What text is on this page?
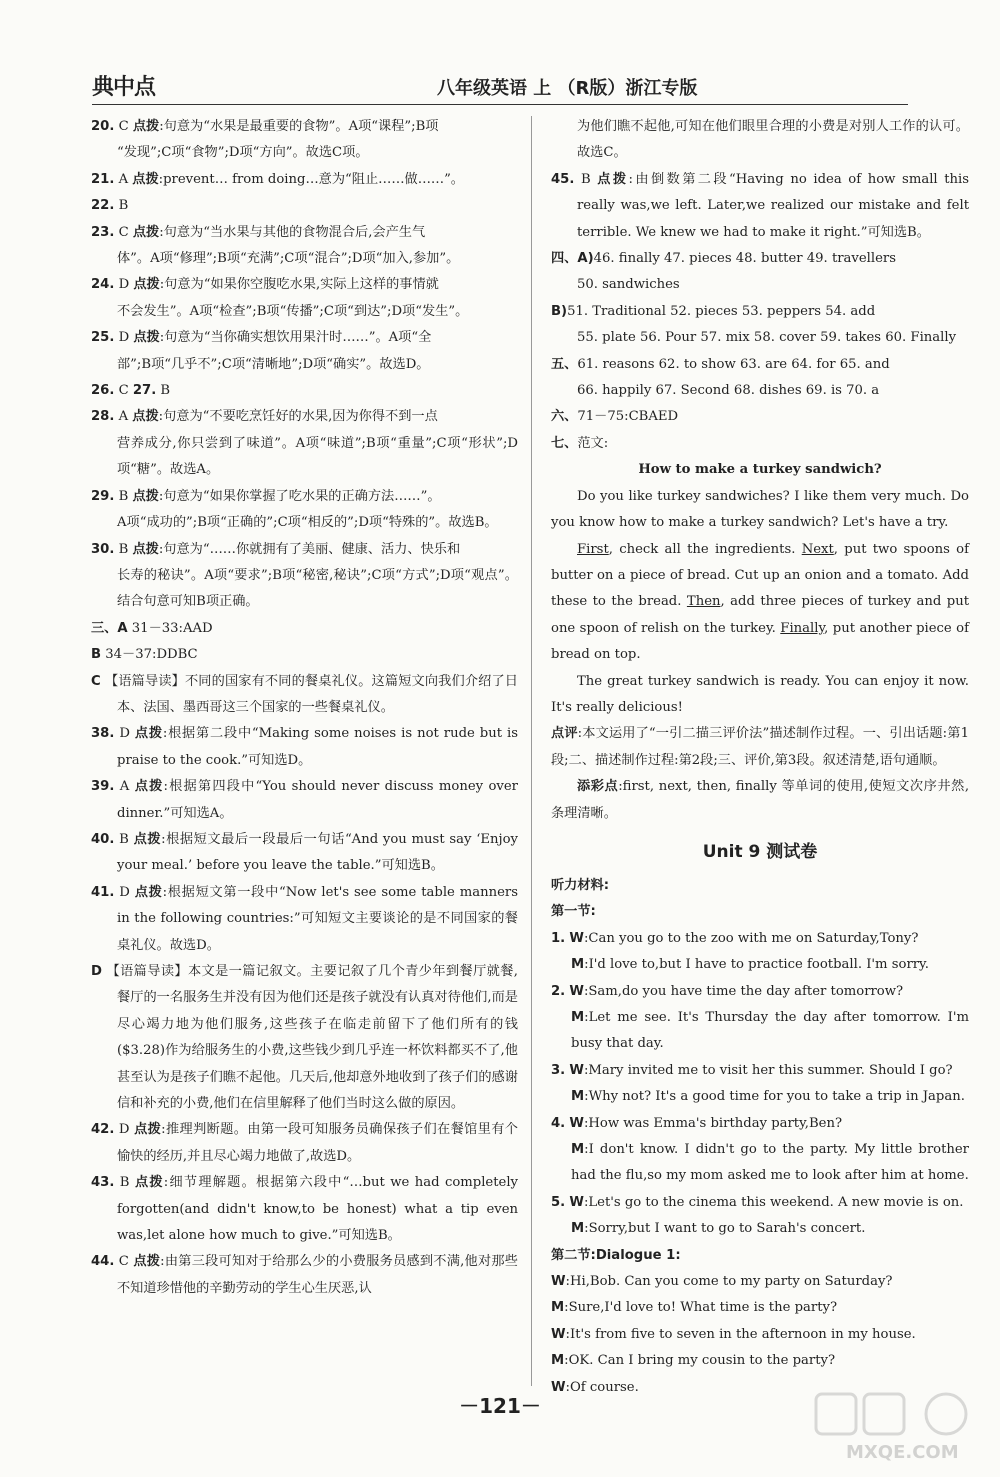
典中点	八年级英语 上 （R版）浙江专版

20. C 点拨:句意为“水果是最重要的食物”。A项“课程”;B项
“发现”;C项“食物”;D项“方向”。故选C项。

21. A 点拨:prevent… from doing…意为“阻止……做……”。

22. B

23. C 点拨:句意为“当水果与其他的食物混合后,会产生气
体”。A项“修理”;B项“充满”;C项“混合”;D项“加入,参加”。

24. D 点拨:句意为“如果你空腹吃水果,实际上这样的事情就
不会发生”。A项“检查”;B项“传播”;C项“到达”;D项“发生”。

25. D 点拨:句意为“当你确实想饮用果汁时……”。A项“全
部”;B项“几乎不”;C项“清晰地”;D项“确实”。故选D。

26. C 27. B

28. A 点拨:句意为“不要吃烹饪好的水果,因为你得不到一点
营养成分,你只尝到了味道”。A项“味道”;B项“重量”;C项“形状”;D项“糖”。故选A。

29. B 点拨:句意为“如果你掌握了吃水果的正确方法……”。
A项“成功的”;B项“正确的”;C项“相反的”;D项“特殊的”。故选B。

30. B 点拨:句意为“……你就拥有了美丽、健康、活力、快乐和
长寿的秘诀”。A项“要求”;B项“秘密,秘诀”;C项“方式”;D项“观点”。结合句意可知B项正确。

三、A 31－33:AAD

B 34－37:DDBC

C 【语篇导读】不同的国家有不同的餐桌礼仪。这篇短文向我们介绍了日本、法国、墨西哥这三个国家的一些餐桌礼仪。

38. D 点拨:根据第二段中“Making some noises is not rude but is praise to the cook.”可知选D。

39. A 点拨:根据第四段中“You should never discuss money over dinner.”可知选A。

40. B 点拨:根据短文最后一段最后一句话“And you must say ‘Enjoy your meal.’ before you leave the table.”可知选B。

41. D 点拨:根据短文第一段中“Now let's see some table manners in the following countries:”可知短文主要谈论的是不同国家的餐桌礼仪。故选D。

D 【语篇导读】本文是一篇记叙文。主要记叙了几个青少年到餐厅就餐,餐厅的一名服务生并没有因为他们还是孩子就没有认真对待他们,而是尽心竭力地为他们服务,这些孩子在临走前留下了他们所有的钱($3.28)作为给服务生的小费,这些钱少到几乎连一杯饮料都买不了,他甚至认为是孩子们瞧不起他。几天后,他却意外地收到了孩子们的感谢信和补充的小费,他们在信里解释了他们当时这么做的原因。

42. D 点拨:推理判断题。由第一段可知服务员确保孩子们在餐馆里有个愉快的经历,并且尽心竭力地做了,故选D。

43. B 点拨:细节理解题。根据第六段中“…but we had completely forgotten(and didn't know,to be honest) what a tip even was,let alone how much to give.”可知选B。

44. C 点拨:由第三段可知对于给那么少的小费服务员感到不满,他对那些不知道珍惜他的辛勤劳动的学生心生厌恶,认

为他们瞧不起他,可知在他们眼里合理的小费是对别人工作的认可。故选C。

45. B 点拨:由倒数第二段“Having no idea of how small this really was,we left. Later,we realized our mistake and felt terrible. We knew we had to make it right.”可知选B。

四、A)46. finally 47. pieces 48. butter 49. travellers

50. sandwiches

B)51. Traditional 52. pieces 53. peppers 54. add

55. plate 56. Pour 57. mix 58. cover 59. takes 60. Finally

五、61. reasons 62. to show 63. are 64. for 65. and

66. happily 67. Second 68. dishes 69. is 70. a

六、71－75:CBAED

七、范文:

How to make a turkey sandwich?

Do you like turkey sandwiches? I like them very much. Do you know how to make a turkey sandwich? Let's have a try.

First, check all the ingredients. Next, put two spoons of butter on a piece of bread. Cut up an onion and a tomato. Add these to the bread. Then, add three pieces of turkey and put one spoon of relish on the turkey. Finally, put another piece of bread on top.

The great turkey sandwich is ready. You can enjoy it now. It's really delicious!

点评:本文运用了“一引二描三评价法”描述制作过程。一、引出话题:第1段;二、描述制作过程:第2段;三、评价,第3段。叙述清楚,语句通顺。

添彩点:first, next, then, finally 等单词的使用,使短文次序井然,条理清晰。

Unit 9 测试卷

听力材料:

第一节:

1. W:Can you go to the zoo with me on Saturday,Tony?

M:I'd love to,but I have to practice football. I'm sorry.

2. W:Sam,do you have time the day after tomorrow?

M:Let me see. It's Thursday the day after tomorrow. I'm busy that day.

3. W:Mary invited me to visit her this summer. Should I go?

M:Why not? It's a good time for you to take a trip in Japan.

4. W:How was Emma's birthday party,Ben?

M:I don't know. I didn't go to the party. My little brother had the flu,so my mom asked me to look after him at home.

5. W:Let's go to the cinema this weekend. A new movie is on.

M:Sorry,but I want to go to Sarah's concert.

第二节:Dialogue 1:

W:Hi,Bob. Can you come to my party on Saturday?

M:Sure,I'd love to! What time is the party?

W:It's from five to seven in the afternoon in my house.

M:OK. Can I bring my cousin to the party?

W:Of course.

－121－
MXQE.COM
